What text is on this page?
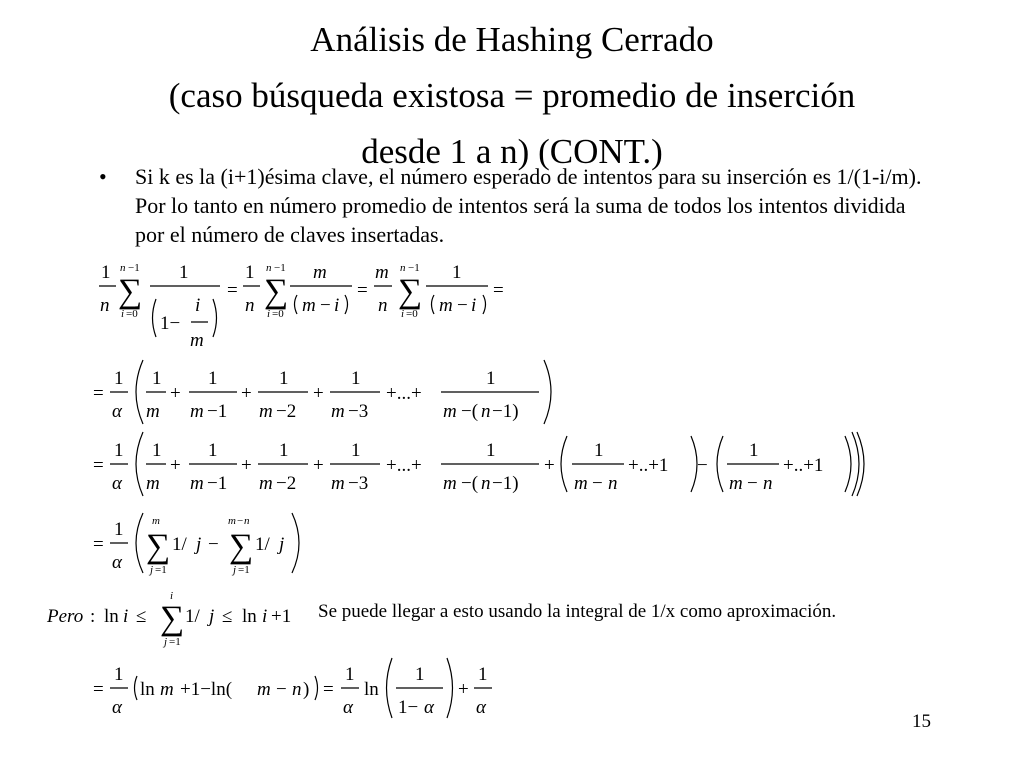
Análisis de Hashing Cerrado
(caso búsqueda existosa = promedio de inserción
desde 1 a n) (CONT.)
• Si k es la (i+1)ésima clave, el número esperado de intentos para su inserción es 1/(1-i/m). Por lo tanto en número promedio de intentos será la suma de todos los intentos dividida por el número de claves insertadas.
1
n
n −1
∑
i =0
1
1−
i
m
=
1
n
n −1
∑
i =0
m
m − i
=
m
n
n −1
∑
i =0
1
m − i
=
=
1
α
1
m
+
1
m −1
+
1
m −2
+
1
m −3
+...+
1
m −( n −1)
=
1
α
1
m
+
1
m −1
+
1
m −2
+
1
m −3
+...+
1
m −( n −1)
+
1
m − n
+..+1 −
1
m − n
+..+1
=
1
α
m
∑
j =1
1/ j −
m − n
∑
j =1
1/ j
Pero : ln i ≤
i
∑
j =1
1/ j ≤ ln i +1
=
1
α
ln m +1−ln( m − n ) =
1
α
ln
1
1− α
+
1
α
Se puede llegar a esto usando la integral de 1/x como aproximación.
15
